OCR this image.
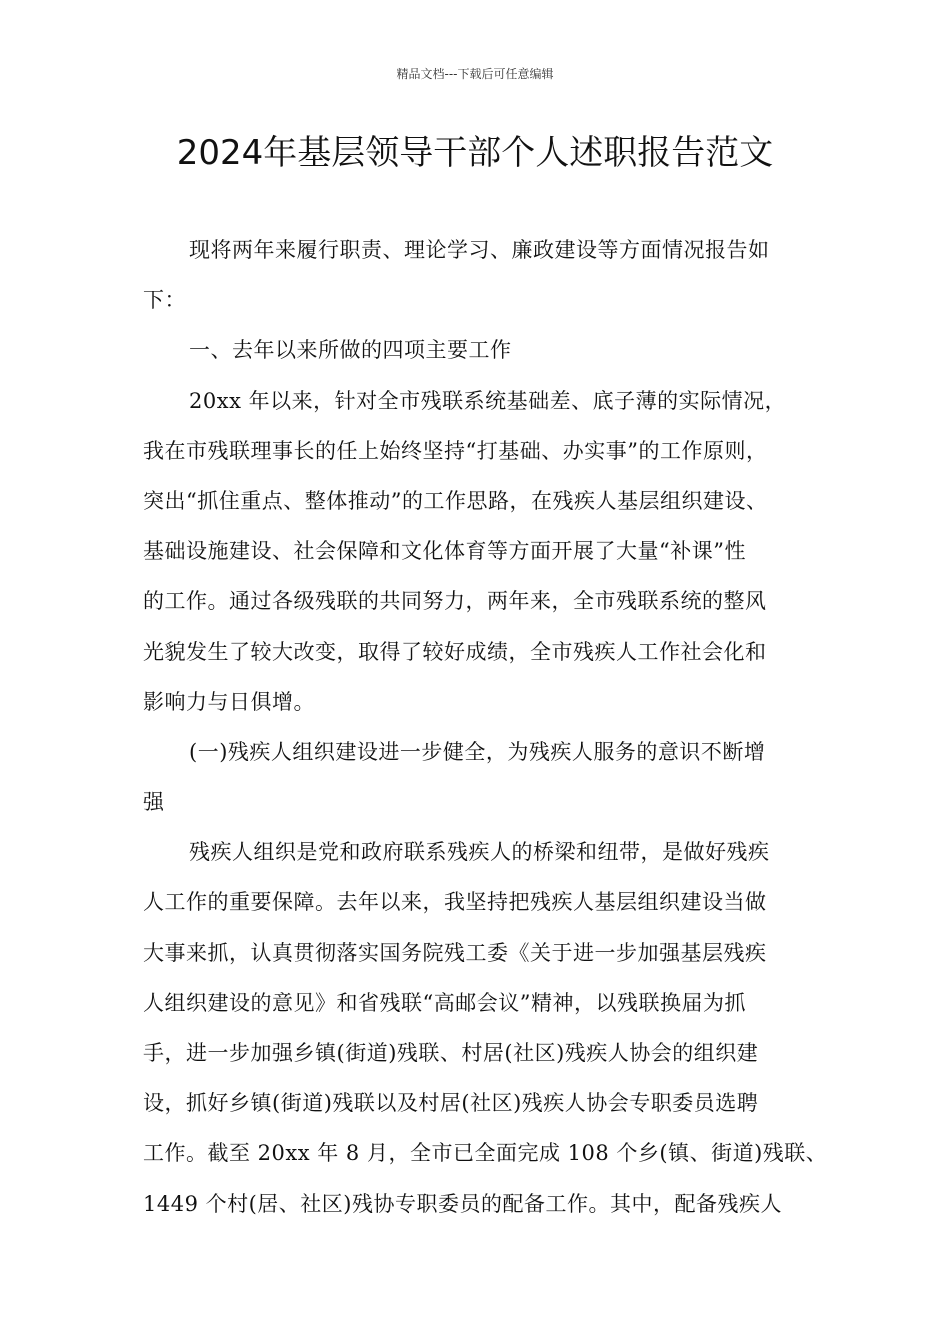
精品文档---下载后可任意编辑
2024年基层领导干部个人述职报告范文
现将两年来履行职责、理论学习、廉政建设等方面情况报告如
下：
一、去年以来所做的四项主要工作
20xx 年以来，针对全市残联系统基础差、底子薄的实际情况，
我在市残联理事长的任上始终坚持“打基础、办实事”的工作原则，
突出“抓住重点、整体推动”的工作思路，在残疾人基层组织建设、
基础设施建设、社会保障和文化体育等方面开展了大量“补课”性
的工作。通过各级残联的共同努力，两年来，全市残联系统的整风
光貌发生了较大改变，取得了较好成绩，全市残疾人工作社会化和
影响力与日俱增。
(一)残疾人组织建设进一步健全，为残疾人服务的意识不断增
强
残疾人组织是党和政府联系残疾人的桥梁和纽带，是做好残疾
人工作的重要保障。去年以来，我坚持把残疾人基层组织建设当做
大事来抓，认真贯彻落实国务院残工委《关于进一步加强基层残疾
人组织建设的意见》和省残联“高邮会议”精神，以残联换届为抓
手，进一步加强乡镇(街道)残联、村居(社区)残疾人协会的组织建
设，抓好乡镇(街道)残联以及村居(社区)残疾人协会专职委员选聘
工作。截至 20xx 年 8 月，全市已全面完成 108 个乡(镇、街道)残联、
1449 个村(居、社区)残协专职委员的配备工作。其中，配备残疾人
